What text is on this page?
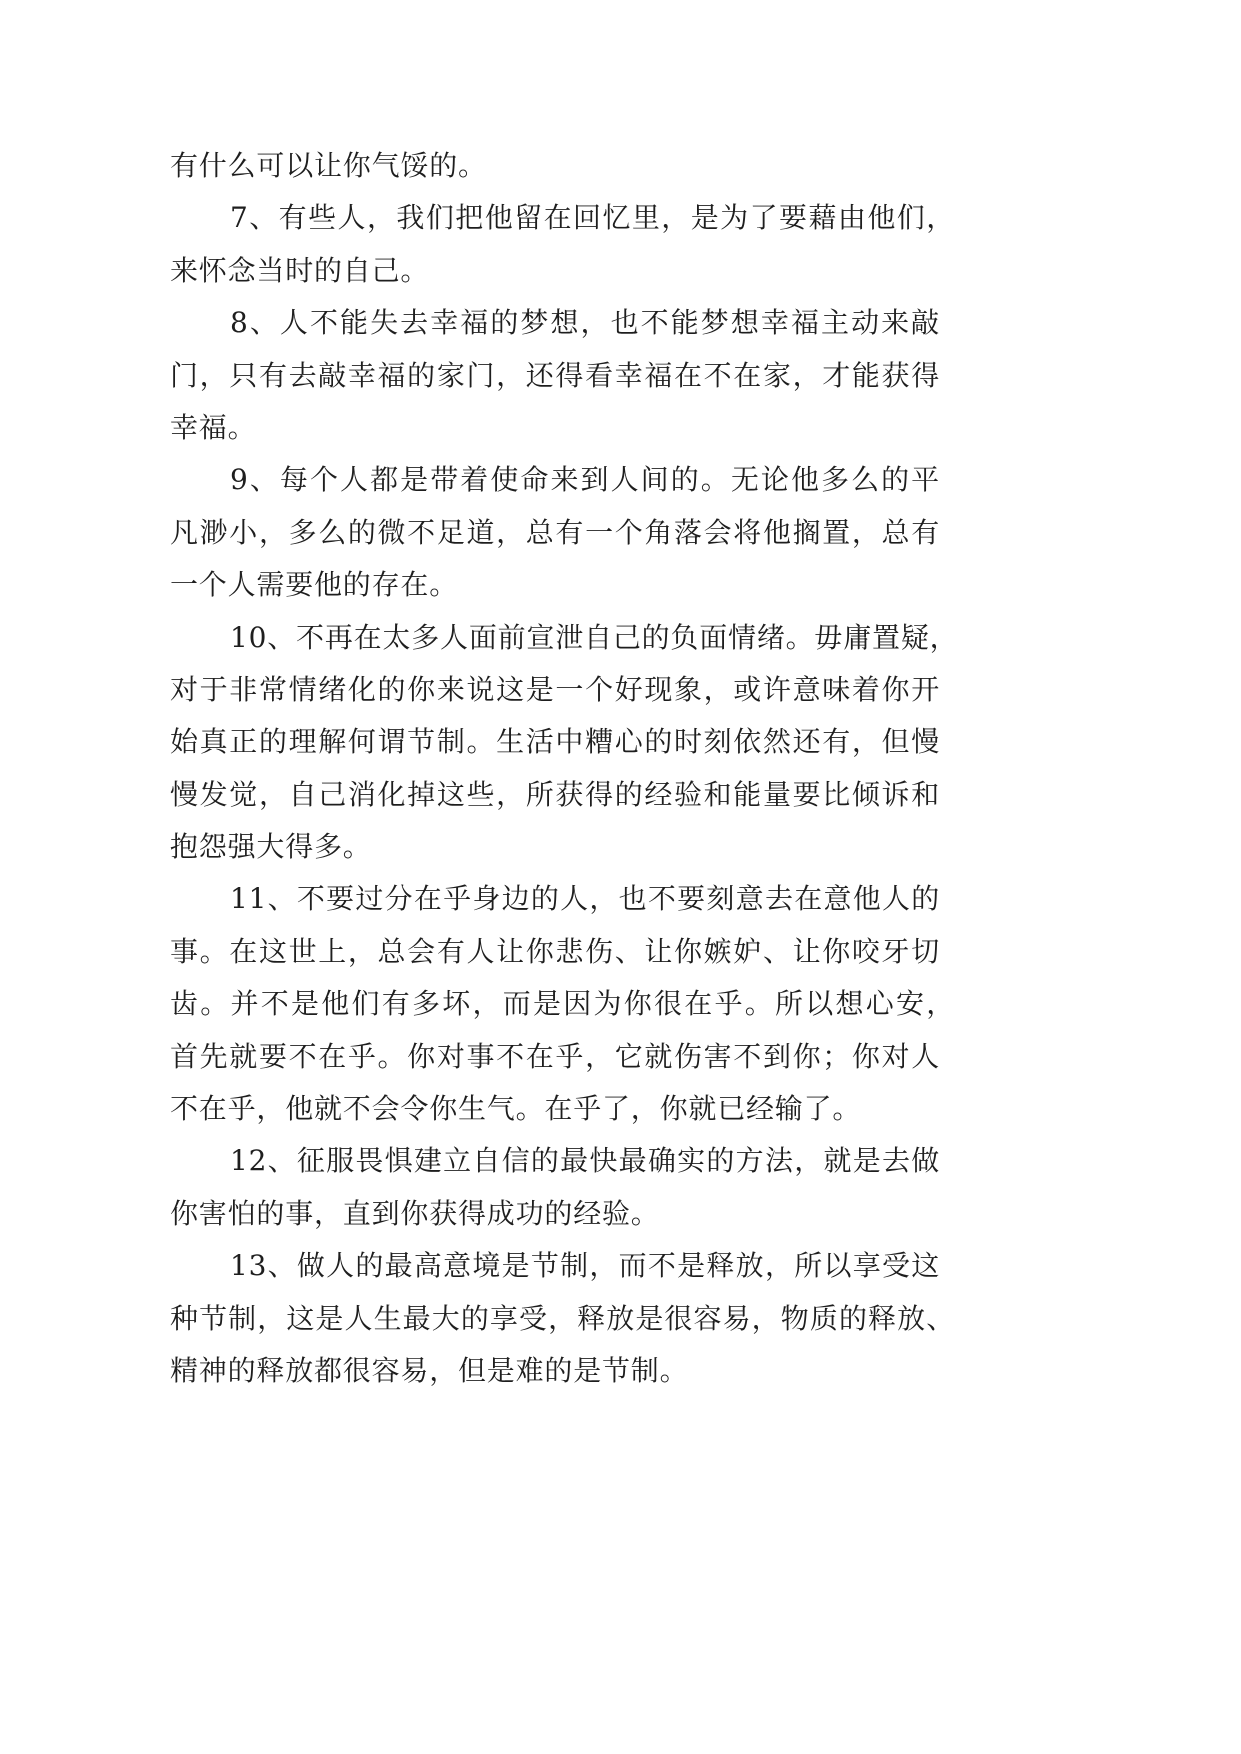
有什么可以让你气馁的。
7、有些人，我们把他留在回忆里，是为了要藉由他们，
来怀念当时的自己。
8、人不能失去幸福的梦想，也不能梦想幸福主动来敲
门，只有去敲幸福的家门，还得看幸福在不在家，才能获得
幸福。
9、每个人都是带着使命来到人间的。无论他多么的平
凡渺小，多么的微不足道，总有一个角落会将他搁置，总有
一个人需要他的存在。
10、不再在太多人面前宣泄自己的负面情绪。毋庸置疑，
对于非常情绪化的你来说这是一个好现象，或许意味着你开
始真正的理解何谓节制。生活中糟心的时刻依然还有，但慢
慢发觉，自己消化掉这些，所获得的经验和能量要比倾诉和
抱怨强大得多。
11、不要过分在乎身边的人，也不要刻意去在意他人的
事。在这世上，总会有人让你悲伤、让你嫉妒、让你咬牙切
齿。并不是他们有多坏，而是因为你很在乎。所以想心安，
首先就要不在乎。你对事不在乎，它就伤害不到你；你对人
不在乎，他就不会令你生气。在乎了，你就已经输了。
12、征服畏惧建立自信的最快最确实的方法，就是去做
你害怕的事，直到你获得成功的经验。
13、做人的最高意境是节制，而不是释放，所以享受这
种节制，这是人生最大的享受，释放是很容易，物质的释放、
精神的释放都很容易，但是难的是节制。
